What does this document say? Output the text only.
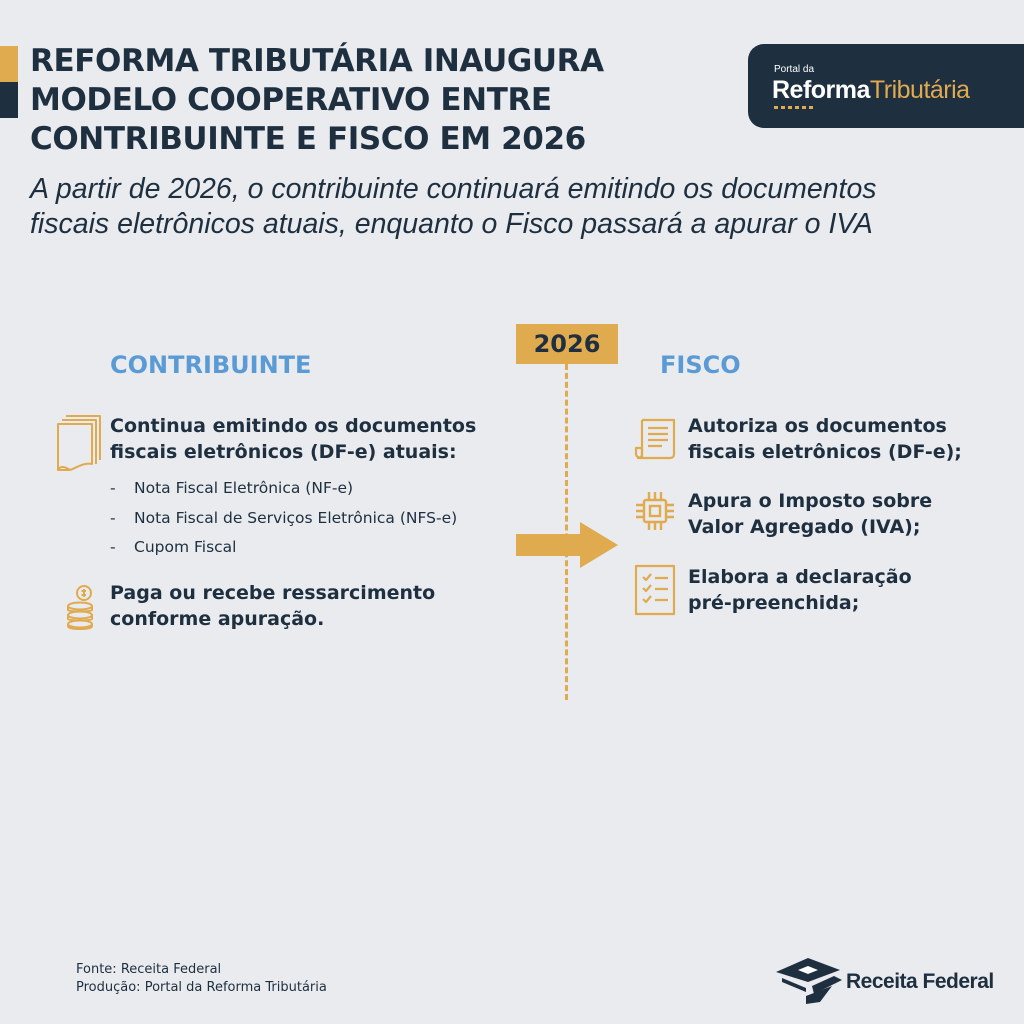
REFORMA TRIBUTÁRIA INAUGURA
MODELO COOPERATIVO ENTRE
CONTRIBUINTE E FISCO EM 2026

A partir de 2026, o contribuinte continuará emitindo os documentos
fiscais eletrônicos atuais, enquanto o Fisco passará a apurar o IVA

Portal da
ReformaTributária
CONTRIBUINTE	FISCO
2026

Continua emitindo os documentos
fiscais eletrônicos (DF-e) atuais:

- Nota Fiscal Eletrônica (NF-e)
- Nota Fiscal de Serviços Eletrônica (NFS-e)
- Cupom Fiscal

Paga ou recebe ressarcimento
conforme apuração.

Autoriza os documentos
fiscais eletrônicos (DF-e);

Apura o Imposto sobre
Valor Agregado (IVA);

Elabora a declaração
pré-preenchida;

Fonte: Receita Federal
Produção: Portal da Reforma Tributária	Receita Federal
